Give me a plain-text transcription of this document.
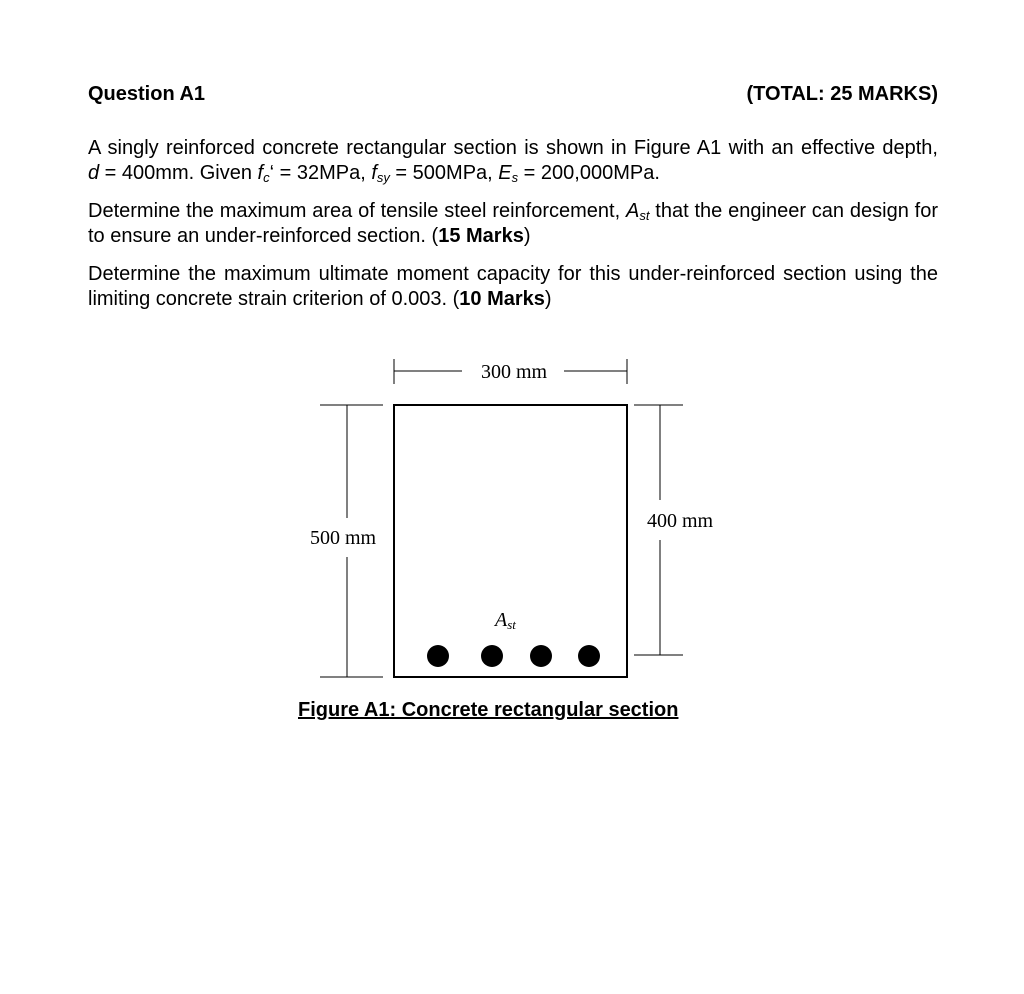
Question A1	(TOTAL: 25 MARKS)
A singly reinforced concrete rectangular section is shown in Figure A1 with an effective depth, d = 400mm. Given $f_c‘ = 32MPa$, $f_{sy} = 500MPa$, $E_s = 200,000MPa$.
Determine the maximum area of tensile steel reinforcement, $A_{st}$ that the engineer can design for to ensure an under-reinforced section. (15 Marks)
Determine the maximum ultimate moment capacity for this under-reinforced section using the limiting concrete strain criterion of 0.003. (10 Marks)
300 mm
500 mm
400 mm
Ast
Figure A1: Concrete rectangular section
